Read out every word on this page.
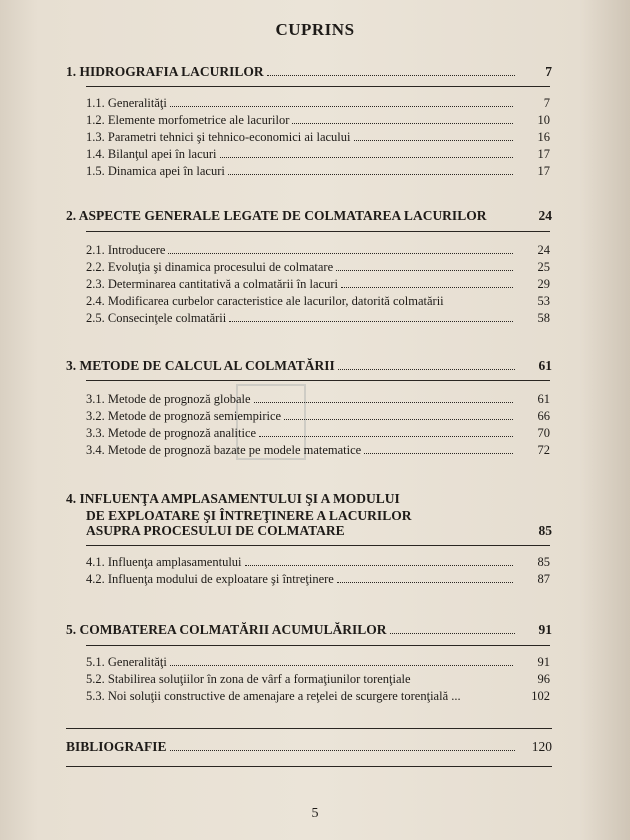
CUPRINS
1. HIDROGRAFIA LACURILOR	7
1.1. Generalităţi	7
1.2. Elemente morfometrice ale lacurilor	10
1.3. Parametri tehnici şi tehnico-economici ai lacului	16
1.4. Bilanţul apei în lacuri	17
1.5. Dinamica apei în lacuri	17
2. ASPECTE GENERALE LEGATE DE COLMATAREA LACURILOR	24
2.1. Introducere	24
2.2. Evoluţia şi dinamica procesului de colmatare	25
2.3. Determinarea cantitativă a colmatării în lacuri	29
2.4. Modificarea curbelor caracteristice ale lacurilor, datorită colmatării	53
2.5. Consecinţele colmatării	58
3. METODE DE CALCUL AL COLMATĂRII	61
3.1. Metode de prognoză globale	61
3.2. Metode de prognoză semiempirice	66
3.3. Metode de prognoză analitice	70
3.4. Metode de prognoză bazate pe modele matematice	72
4. INFLUENŢA AMPLASAMENTULUI ŞI A MODULUI
DE EXPLOATARE ŞI ÎNTREŢINERE A LACURILOR
ASUPRA PROCESULUI DE COLMATARE	85
4.1. Influenţa amplasamentului	85
4.2. Influenţa modului de exploatare şi întreţinere	87
5. COMBATEREA COLMATĂRII ACUMULĂRILOR	91
5.1. Generalităţi	91
5.2. Stabilirea soluţiilor în zona de vârf a formaţiunilor torenţiale	96
5.3. Noi soluţii constructive de amenajare a reţelei de scurgere torenţială ...	102
BIBLIOGRAFIE	120
5
